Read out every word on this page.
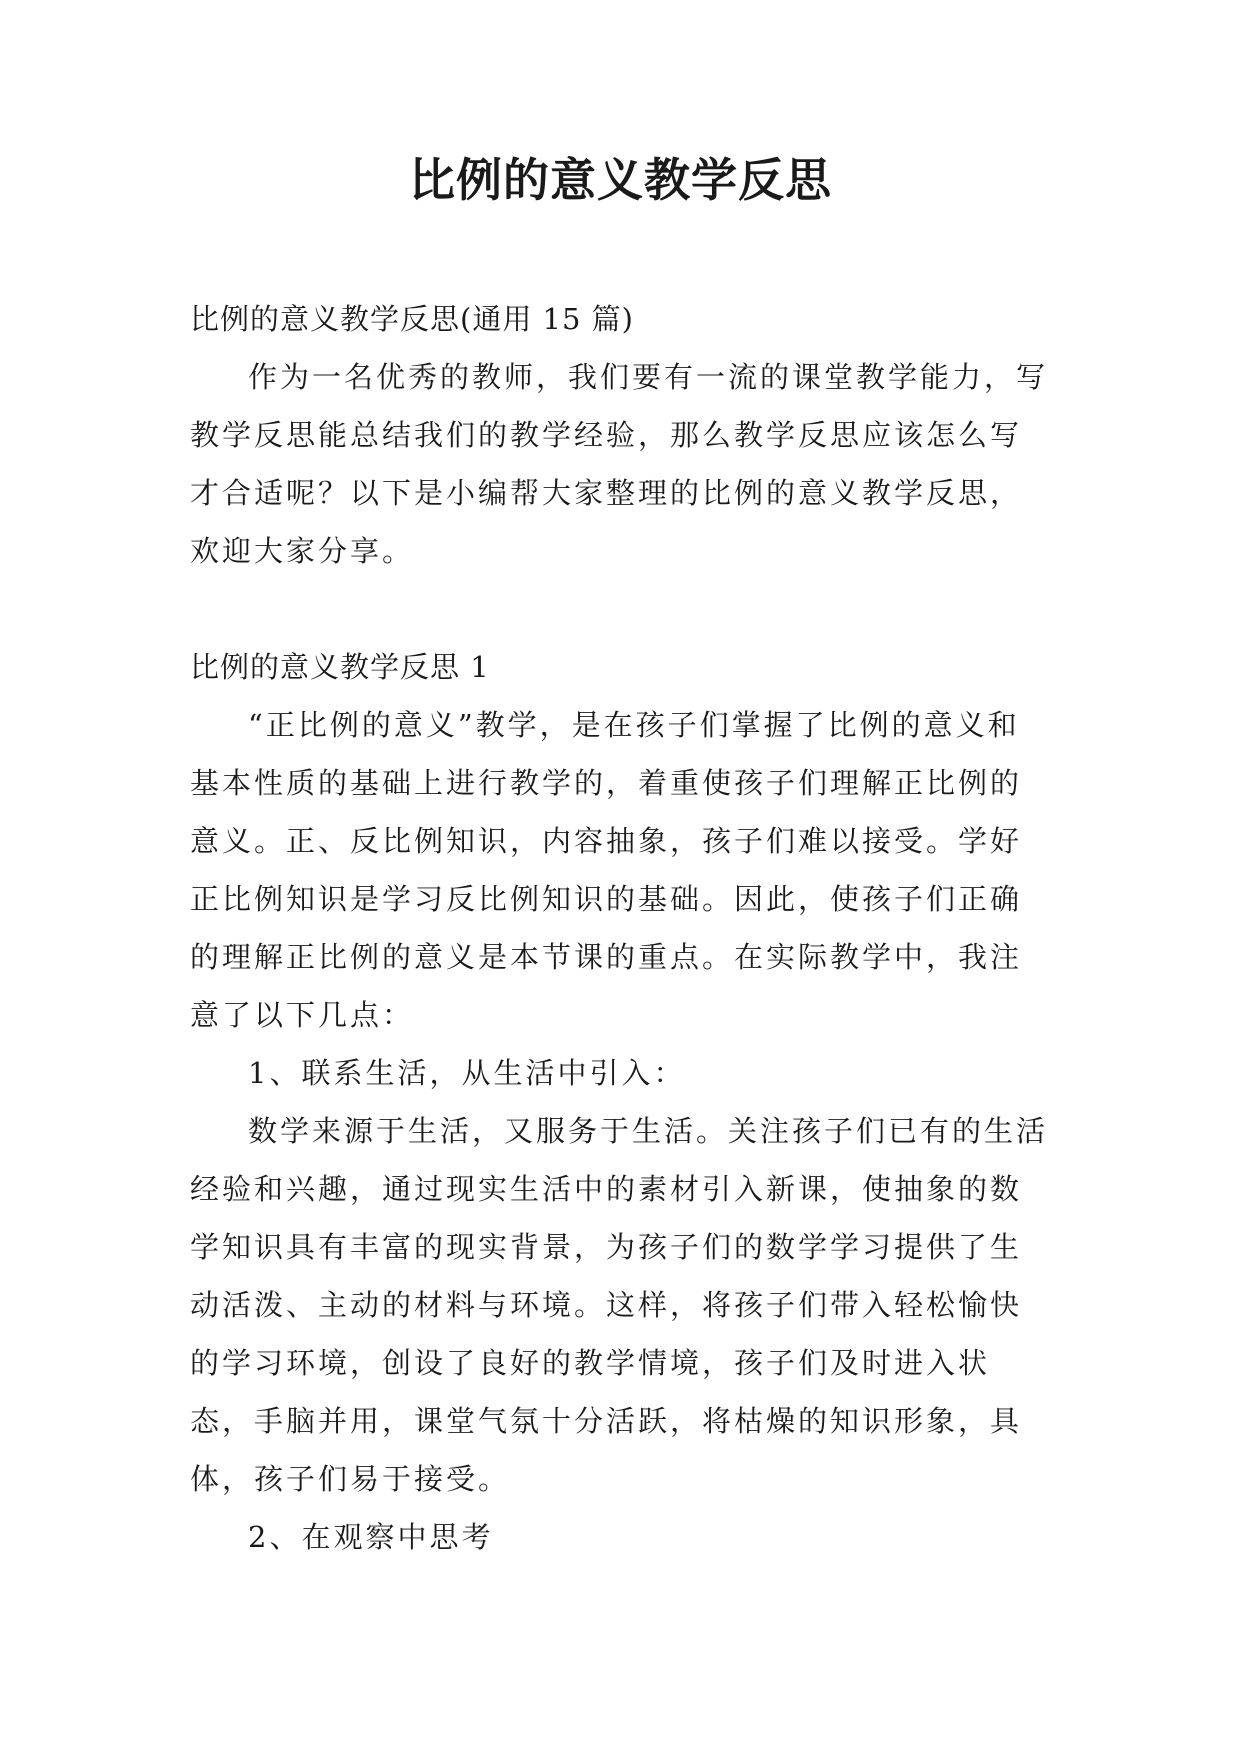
比例的意义教学反思

比例的意义教学反思(通用 15 篇)

作为一名优秀的教师，我们要有一流的课堂教学能力，写教学反思能总结我们的教学经验，那么教学反思应该怎么写才合适呢？以下是小编帮大家整理的比例的意义教学反思，欢迎大家分享。

比例的意义教学反思 1

“正比例的意义”教学，是在孩子们掌握了比例的意义和基本性质的基础上进行教学的，着重使孩子们理解正比例的意义。正、反比例知识，内容抽象，孩子们难以接受。学好正比例知识是学习反比例知识的基础。因此，使孩子们正确的理解正比例的意义是本节课的重点。在实际教学中，我注意了以下几点：

1、联系生活，从生活中引入：

数学来源于生活，又服务于生活。关注孩子们已有的生活经验和兴趣，通过现实生活中的素材引入新课，使抽象的数学知识具有丰富的现实背景，为孩子们的数学学习提供了生动活泼、主动的材料与环境。这样，将孩子们带入轻松愉快的学习环境，创设了良好的教学情境，孩子们及时进入状态，手脑并用，课堂气氛十分活跃，将枯燥的知识形象，具体，孩子们易于接受。

2、在观察中思考
